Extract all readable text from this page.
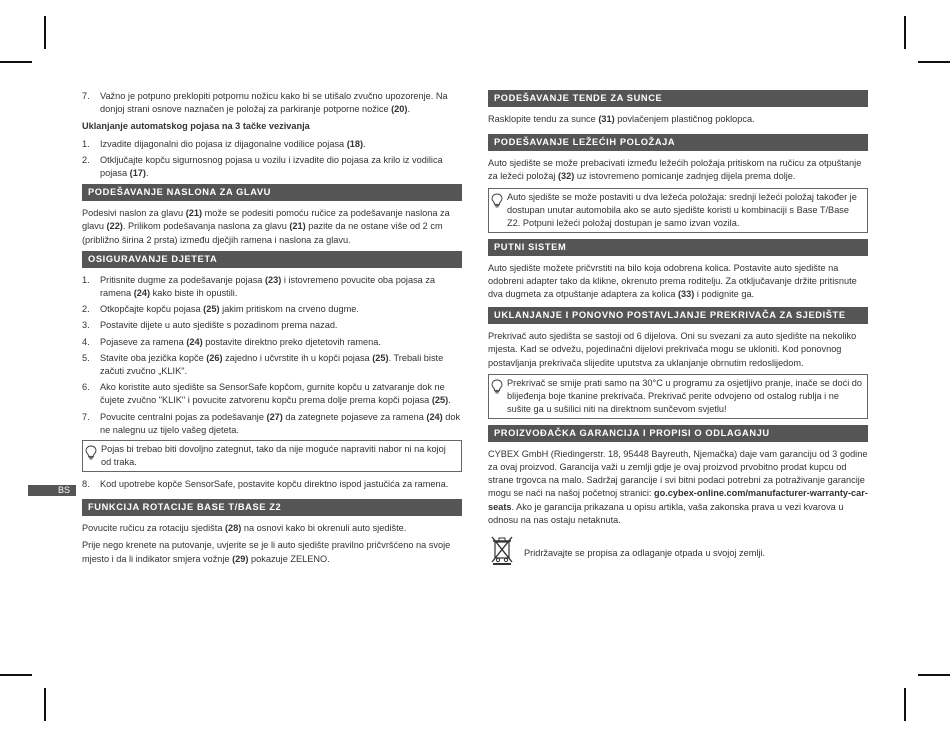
BS
7.	Važno je potpuno preklopiti potpornu nožicu kako bi se utišalo zvučno upozorenje. Na donjoj strani osnove naznačen je položaj za parkiranje potporne nožice (20).
Uklanjanje automatskog pojasa na 3 tačke vezivanja
1.	Izvadite dijagonalni dio pojasa iz dijagonalne vodilice pojasa (18).
2.	Otključajte kopču sigurnosnog pojasa u vozilu i izvadite dio pojasa za krilo iz vodilica pojasa (17).
PODEŠAVANJE NASLONA ZA GLAVU

Podesivi naslon za glavu (21) može se podesiti pomoću ručice za podešavanje naslona za glavu (22). Prilikom podešavanja naslona za glavu (21) pazite da ne ostane više od 2 cm (približno širina 2 prsta) između dječjih ramena i naslona za glavu.

OSIGURAVANJE DJETETA
1.	Pritisnite dugme za podešavanje pojasa (23) i istovremeno povucite oba pojasa za ramena (24) kako biste ih opustili.
2.	Otkopčajte kopču pojasa (25) jakim pritiskom na crveno dugme.
3.	Postavite dijete u auto sjedište s pozadinom prema nazad.
4.	Pojaseve za ramena (24) postavite direktno preko djetetovih ramena.
5.	Stavite oba jezička kopče (26) zajedno i učvrstite ih u kopči pojasa (25). Trebali biste začuti zvučno „KLIK".
6.	Ako koristite auto sjedište sa SensorSafe kopčom, gurnite kopču u zatvaranje dok ne čujete zvučno "KLIK" i povucite zatvorenu kopču prema dolje prema kopči pojasa (25).
7.	Povucite centralni pojas za podešavanje (27) da zategnete pojaseve za ramena (24) dok ne nalegnu uz tijelo vašeg djeteta.
Pojas bi trebao biti dovoljno zategnut, tako da nije moguće napraviti nabor ni na kojoj od traka.
8.	Kod upotrebe kopče SensorSafe, postavite kopču direktno ispod jastučića za ramena.
FUNKCIJA ROTACIJE BASE T/BASE Z2

Povucite ručicu za rotaciju sjedišta (28) na osnovi kako bi okrenuli auto sjedište.

Prije nego krenete na putovanje, uvjerite se je li auto sjedište pravilno pričvršćeno na svoje mjesto i da li indikator smjera vožnje (29) pokazuje ZELENO.

PODEŠAVANJE TENDE ZA SUNCE

Rasklopite tendu za sunce (31) povlačenjem plastičnog poklopca.

PODEŠAVANJE LEŽEĆIH POLOŽAJA

Auto sjedište se može prebacivati između ležećih položaja pritiskom na ručicu za otpuštanje za ležeći položaj (32) uz istovremeno pomicanje zadnjeg dijela prema dolje.

Auto sjedište se može postaviti u dva ležeća položaja: srednji ležeći položaj također je dostupan unutar automobila ako se auto sjedište koristi u kombinaciji s Base T/Base Z2. Potpuni ležeći položaj dostupan je samo izvan vozila.
PUTNI SISTEM

Auto sjedište možete pričvrstiti na bilo koja odobrena kolica. Postavite auto sjedište na odobreni adapter tako da klikne, okrenuto prema roditelju. Za otključavanje držite pritisnute dva dugmeta za otpuštanje adaptera za kolica (33) i podignite ga.

UKLANJANJE I PONOVNO POSTAVLJANJE PREKRIVAČA ZA SJEDIŠTE

Prekrivač auto sjedišta se sastoji od 6 dijelova. Oni su svezani za auto sjedište na nekoliko mjesta. Kad se odvežu, pojedinačni dijelovi prekrivača mogu se ukloniti. Kod ponovnog postavljanja prekrivača slijedite uputstva za uklanjanje obrnutim redoslijedom.

Prekrivač se smije prati samo na 30°C u programu za osjetljivo pranje, inače se doći do blijeđenja boje tkanine prekrivača. Prekrivač perite odvojeno od ostalog rublja i ne sušite ga u sušilici niti na direktnom sunčevom svjetlu!
PROIZVOĐAČKA GARANCIJA I PROPISI O ODLAGANJU

CYBEX GmbH (Riedingerstr. 18, 95448 Bayreuth, Njemačka) daje vam garanciju od 3 godine za ovaj proizvod. Garancija važi u zemlji gdje je ovaj proizvod prvobitno prodat kupcu od strane trgovca na malo. Sadržaj garancije i svi bitni podaci potrebni za potraživanje garancije mogu se naći na našoj početnoj stranici: go.cybex-online.com/manufacturer-warranty-car-seats. Ako je garancija prikazana u opisu artikla, vaša zakonska prava u vezi kvarova u odnosu na nas ostaju netaknuta.

Pridržavajte se propisa za odlaganje otpada u svojoj zemlji.
